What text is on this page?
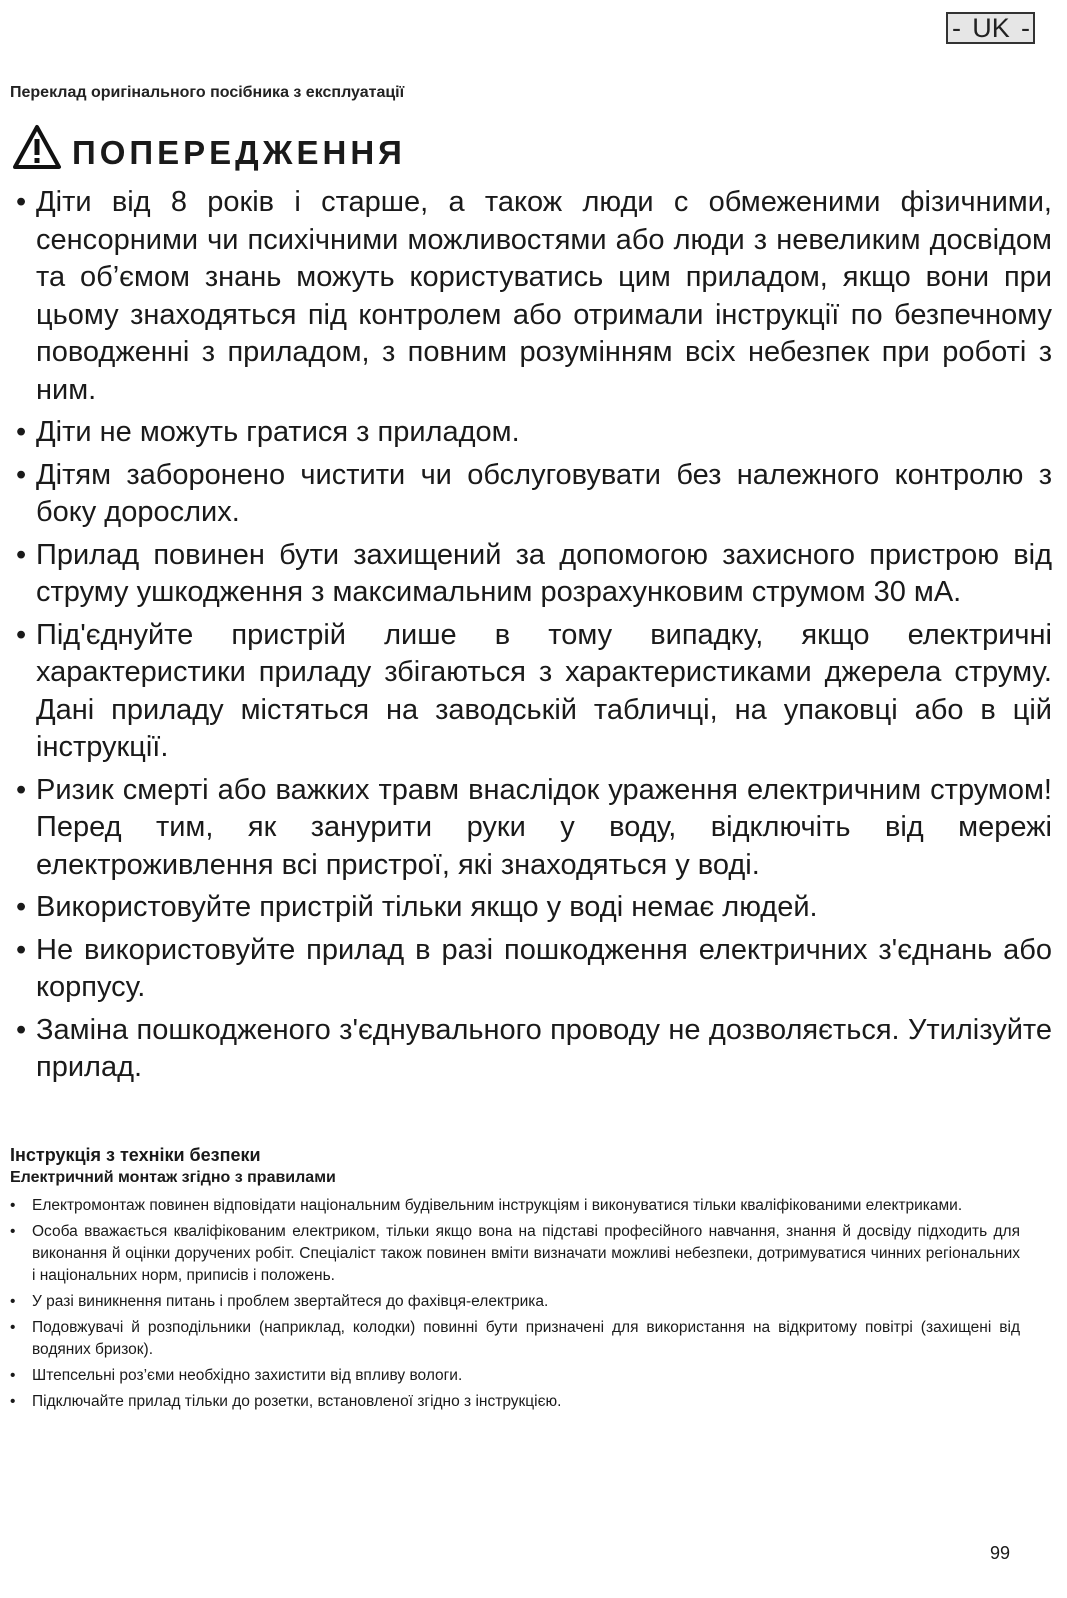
- UK -
Переклад оригінального посібника з експлуатації
ПОПЕРЕДЖЕННЯ
• Діти від 8 років і старше, а також люди с обмеженими фізичними, сенсорними чи психічними можливостями або люди з невеликим досвідом та об’ємом знань можуть користуватись цим приладом, якщо вони при цьому знаходяться під контролем або отримали інструкції по безпечному поводженні з приладом, з повним розумінням всіх небезпек при роботі з ним.
• Діти не можуть гратися з приладом.
• Дітям заборонено чистити чи обслуговувати без належного контролю з боку дорослих.
• Прилад повинен бути захищений за допомогою захисного пристрою від струму ушкодження з максимальним розрахунковим струмом 30 мА.
• Під'єднуйте пристрій лише в тому випадку, якщо електричні характеристики приладу збігаються з характеристиками джерела струму. Дані приладу містяться на заводській табличці, на упаковці або в цій інструкції.
• Ризик смерті або важких травм внаслідок ураження електричним струмом! Перед тим, як занурити руки у воду, відключіть від мережі електроживлення всі пристрої, які знаходяться у воді.
• Використовуйте пристрій тільки якщо у воді немає людей.
• Не використовуйте прилад в разі пошкодження електричних з'єднань або корпусу.
• Заміна пошкодженого з'єднувального проводу не дозволяється. Утилізуйте прилад.
Інструкція з техніки безпеки
Електричний монтаж згідно з правилами
• Електромонтаж повинен відповідати національним будівельним інструкціям і виконуватися тільки кваліфікованими електриками.
• Особа вважається кваліфікованим електриком, тільки якщо вона на підставі професійного навчання, знання й досвіду підходить для виконання й оцінки доручених робіт. Спеціаліст також повинен вміти визначати можливі небезпеки, дотримуватися чинних регіональних і національних норм, приписів і положень.
• У разі виникнення питань і проблем звертайтеся до фахівця-електрика.
• Подовжувачі й розподільники (наприклад, колодки) повинні бути призначені для використання на відкритому повітрі (захищені від водяних бризок).
• Штепсельні роз’єми необхідно захистити від впливу вологи.
• Підключайте прилад тільки до розетки, встановленої згідно з інструкцією.
99
